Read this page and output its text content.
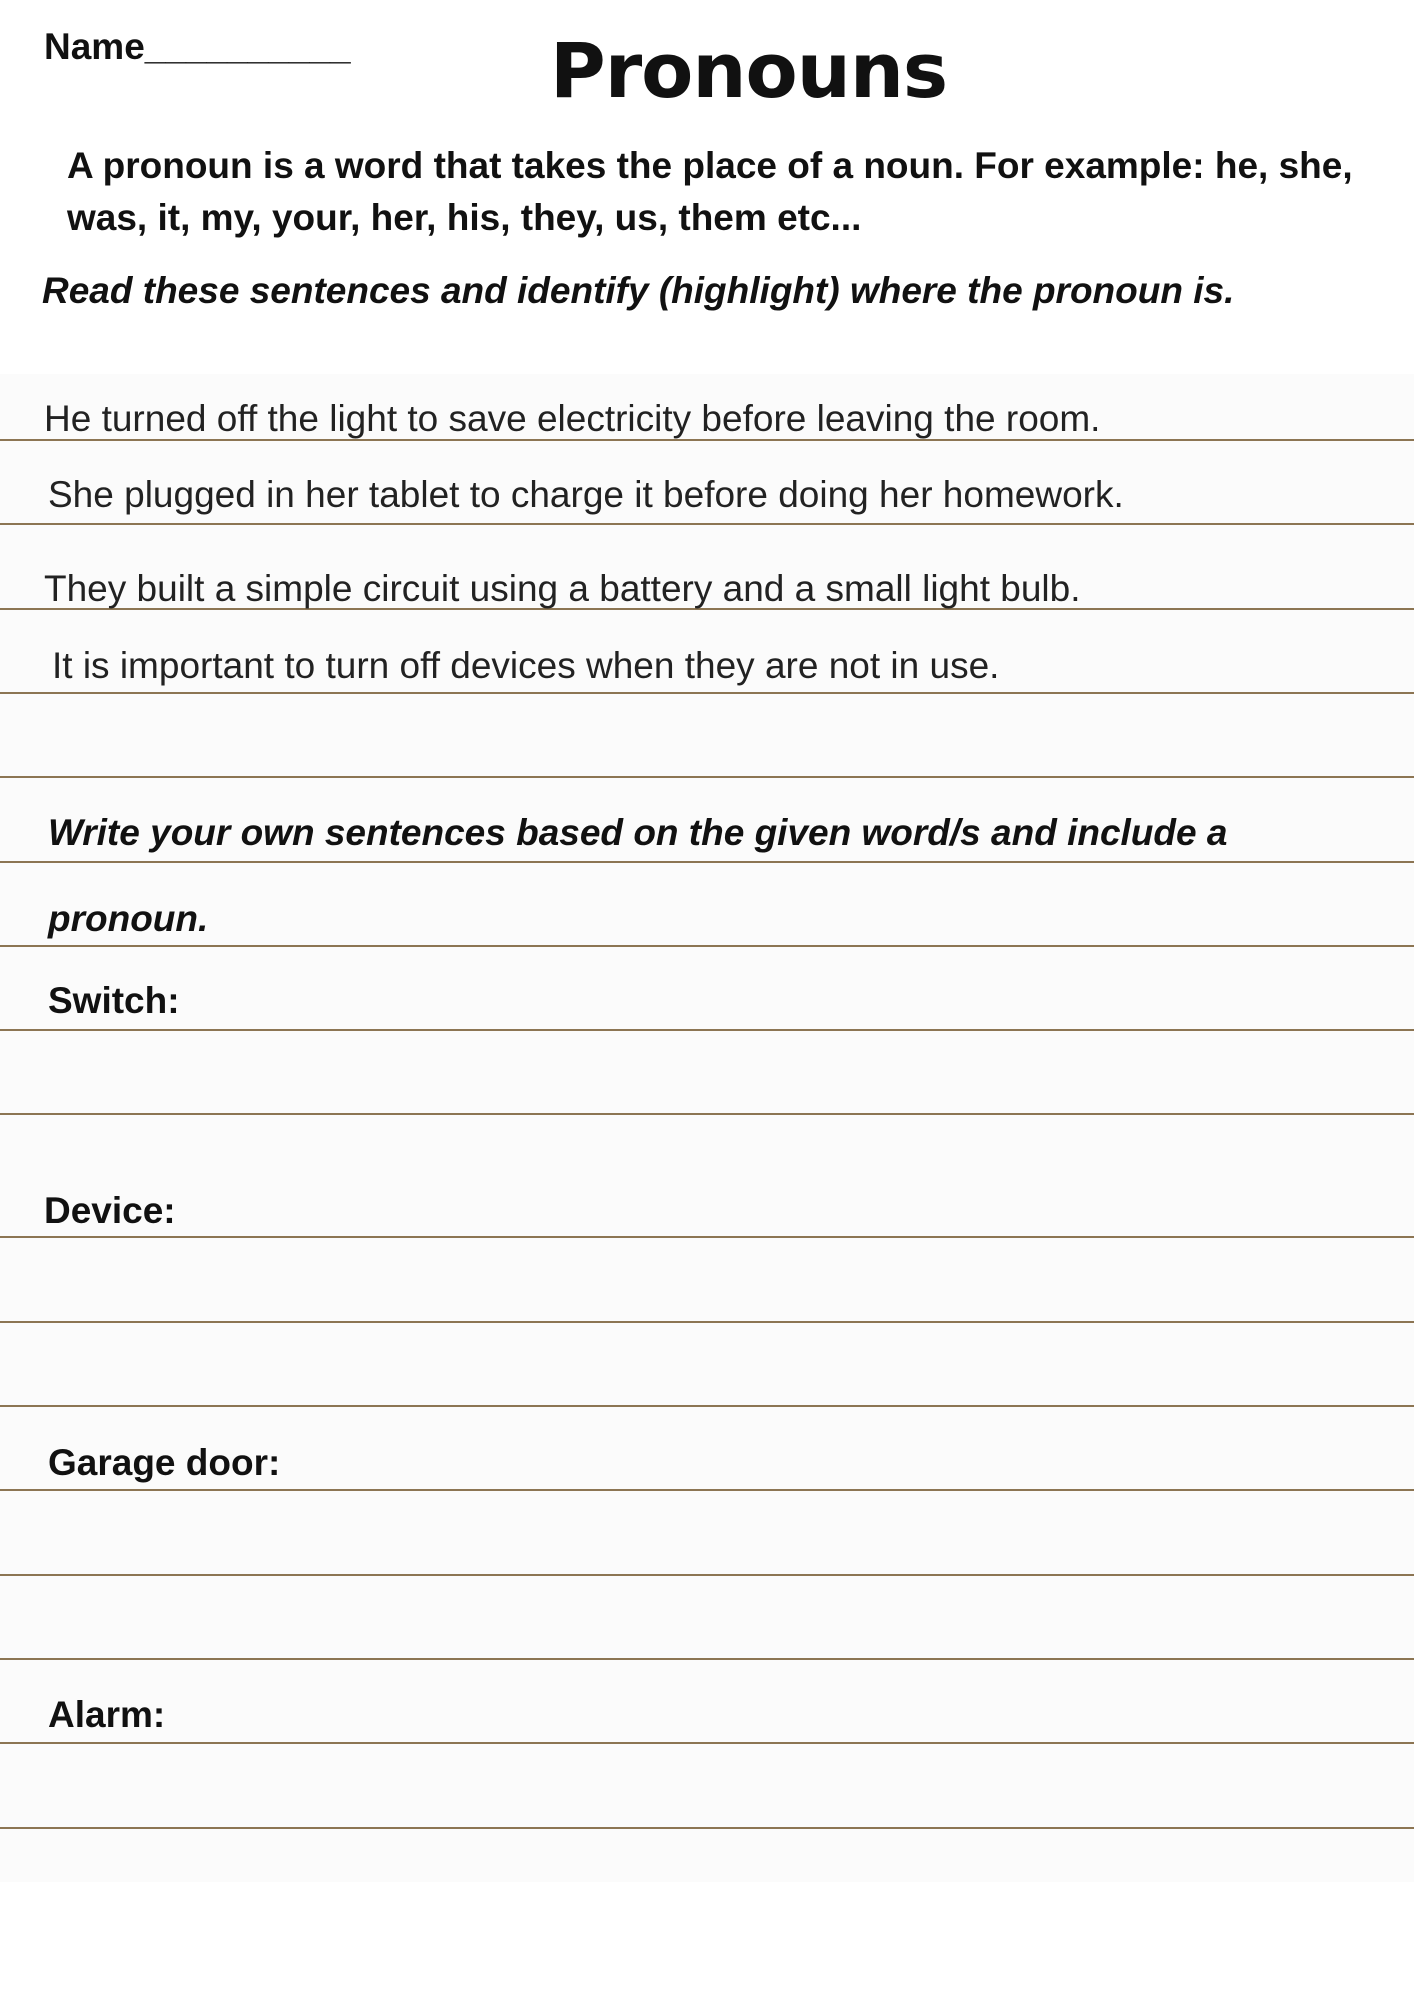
Name__________	Pronouns
A pronoun is a word that takes the place of a noun. For example: he, she, was, it, my, your, her, his, they, us, them etc...
Read these sentences and identify (highlight) where the pronoun is.
He turned off the light to save electricity before leaving the room.
She plugged in her tablet to charge it before doing her homework.
They built a simple circuit using a battery and a small light bulb.
It is important to turn off devices when they are not in use.
Write your own sentences based on the given word/s and include a
pronoun.
Switch:
Device:
Garage door:
Alarm:
